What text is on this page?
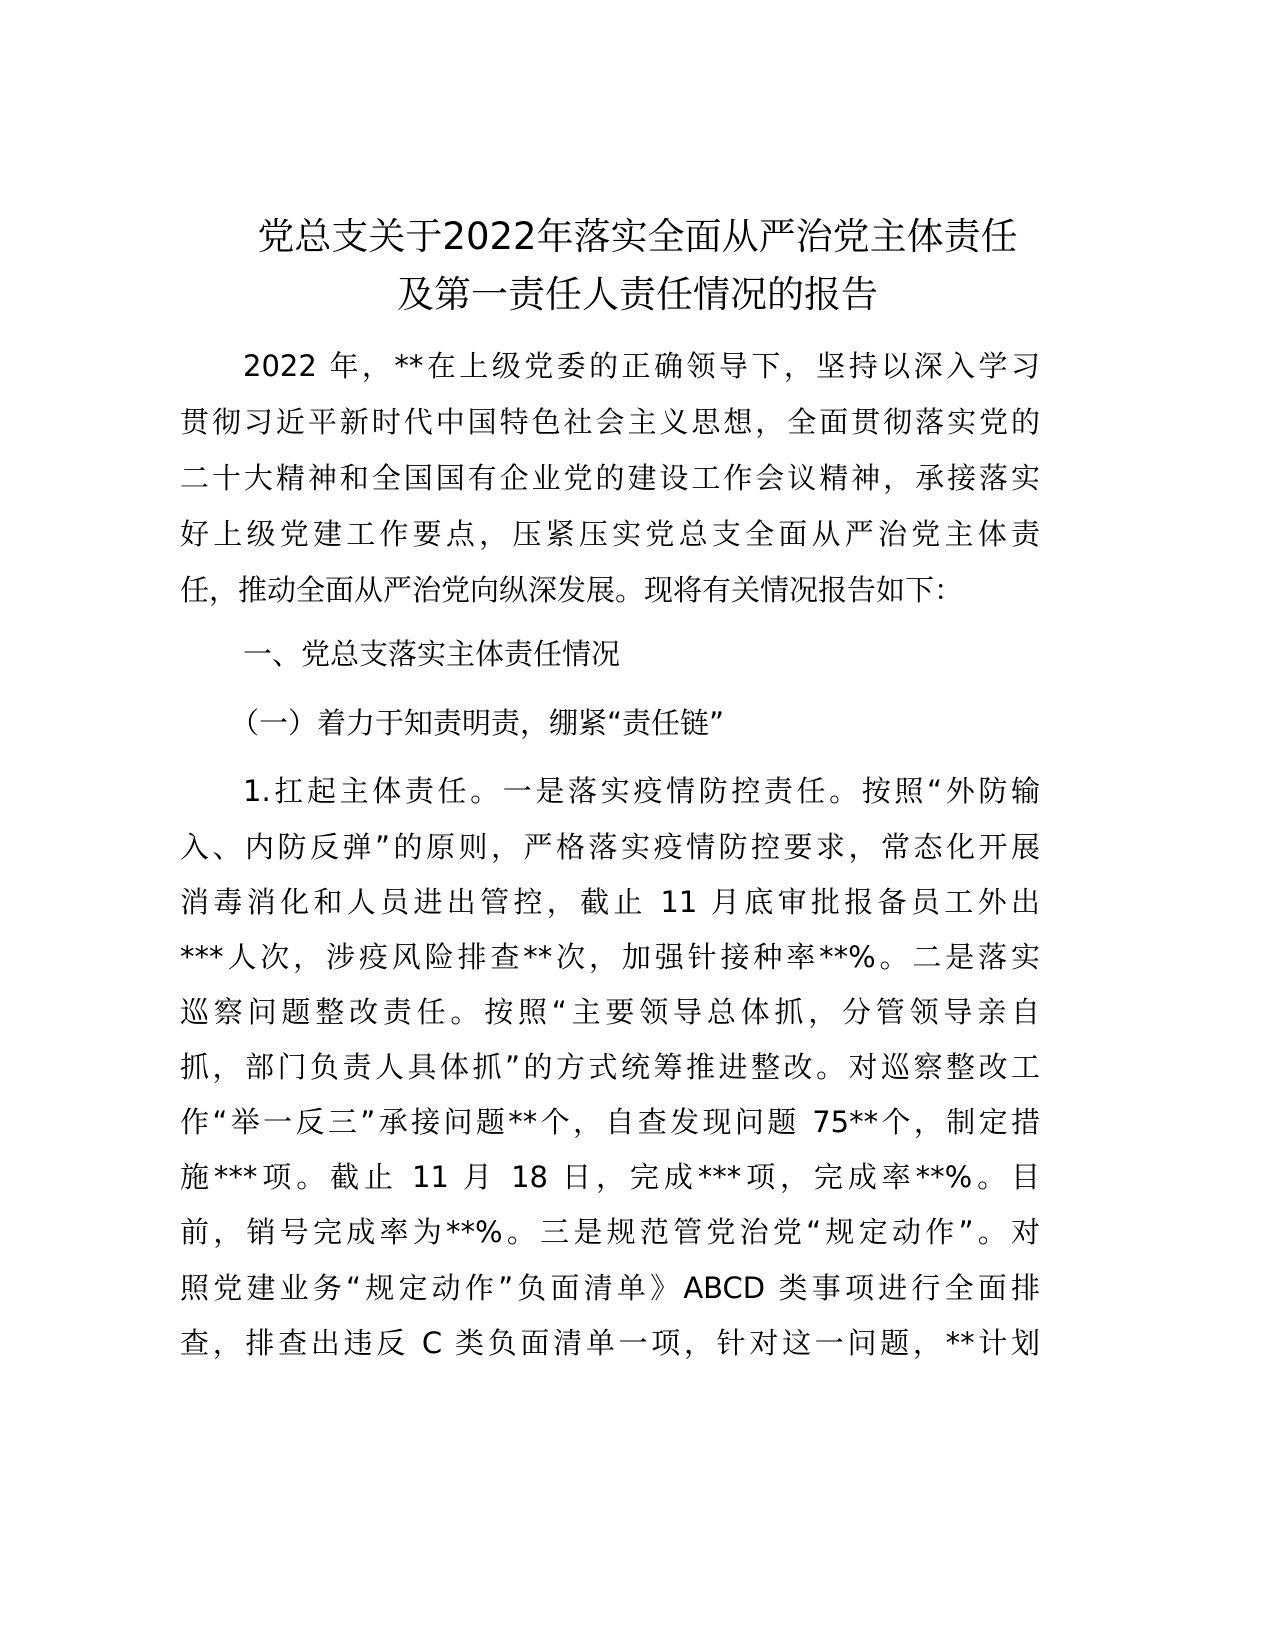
党总支关于2022年落实全面从严治党主体责任
及第一责任人责任情况的报告
2022 年，**在上级党委的正确领导下，坚持以深入学习
贯彻习近平新时代中国特色社会主义思想，全面贯彻落实党的
二十大精神和全国国有企业党的建设工作会议精神，承接落实
好上级党建工作要点，压紧压实党总支全面从严治党主体责
任，推动全面从严治党向纵深发展。现将有关情况报告如下：
一、党总支落实主体责任情况
（一）着力于知责明责，绷紧“责任链”
1.扛起主体责任。一是落实疫情防控责任。按照“外防输
入、内防反弹”的原则，严格落实疫情防控要求，常态化开展
消毒消化和人员进出管控，截止 11 月底审批报备员工外出
***人次，涉疫风险排查**次，加强针接种率**%。二是落实
巡察问题整改责任。按照“主要领导总体抓，分管领导亲自
抓，部门负责人具体抓”的方式统筹推进整改。对巡察整改工
作“举一反三”承接问题**个，自查发现问题 75**个，制定措
施***项。截止 11 月 18 日，完成***项，完成率**%。目
前，销号完成率为**%。三是规范管党治党“规定动作”。对
照党建业务“规定动作”负面清单》ABCD 类事项进行全面排
查，排查出违反 C 类负面清单一项，针对这一问题，**计划
